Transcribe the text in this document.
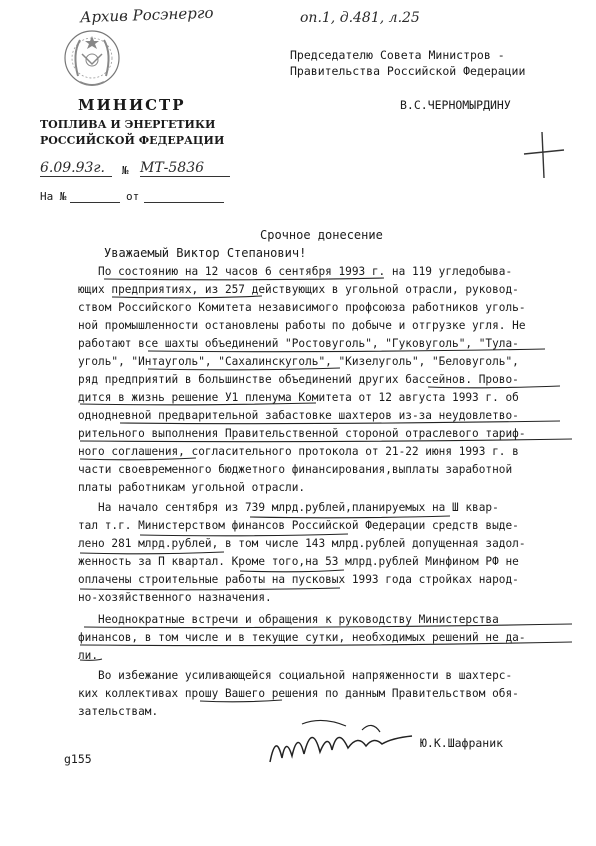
Архив Росэнерго	оп.1, д.481, л.25
МИНИСТР
ТОПЛИВА И ЭНЕРГЕТИКИ
РОССИЙСКОЙ ФЕДЕРАЦИИ
6.09.93г.	№ МТ-5836
На №	от
Председателю Совета Министров -
Правительства Российской Федерации
В.С.ЧЕРНОМЫРДИНУ
Срочное донесение
Уважаемый Виктор Степанович!
По состоянию на 12 часов 6 сентября 1993 г. на 119 угледобыва-
ющих предприятиях, из 257 действующих в угольной отрасли, руковод-
ством Российского Комитета независимого профсоюза работников уголь-
ной промышленности остановлены работы по добыче и отгрузке угля. Не
работают все шахты объединений "Ростовуголь", "Гуковуголь", "Тула-
уголь", "Интауголь", "Сахалинскуголь", "Кизелуголь", "Беловуголь",
ряд предприятий в большинстве объединений других бассейнов. Прово-
дится в жизнь решение У1 пленума Комитета от 12 августа 1993 г. об
однодневной предварительной забастовке шахтеров из-за неудовлетво-
рительного выполнения Правительственной стороной отраслевого тариф-
ного соглашения, согласительного протокола от 21-22 июня 1993 г. в
части своевременного бюджетного финансирования,выплаты заработной
платы работникам угольной отрасли.
На начало сентября из 739 млрд.рублей,планируемых на Ш квар-
тал т.г. Министерством финансов Российской Федерации средств выде-
лено 281 млрд.рублей, в том числе 143 млрд.рублей допущенная задол-
женность за П квартал. Кроме того,на 53 млрд.рублей Минфином РФ не
оплачены строительные работы на пусковых 1993 года стройках народ-
но-хозяйственного назначения.
Неоднократные встречи и обращения к руководству Министерства
финансов, в том числе и в текущие сутки, необходимых решений не да-
ли.
Во избежание усиливающейся социальной напряженности в шахтерс-
ких коллективах прошу Вашего решения по данным Правительством обя-
зательствам.
Ю.К.Шафраник
g155
